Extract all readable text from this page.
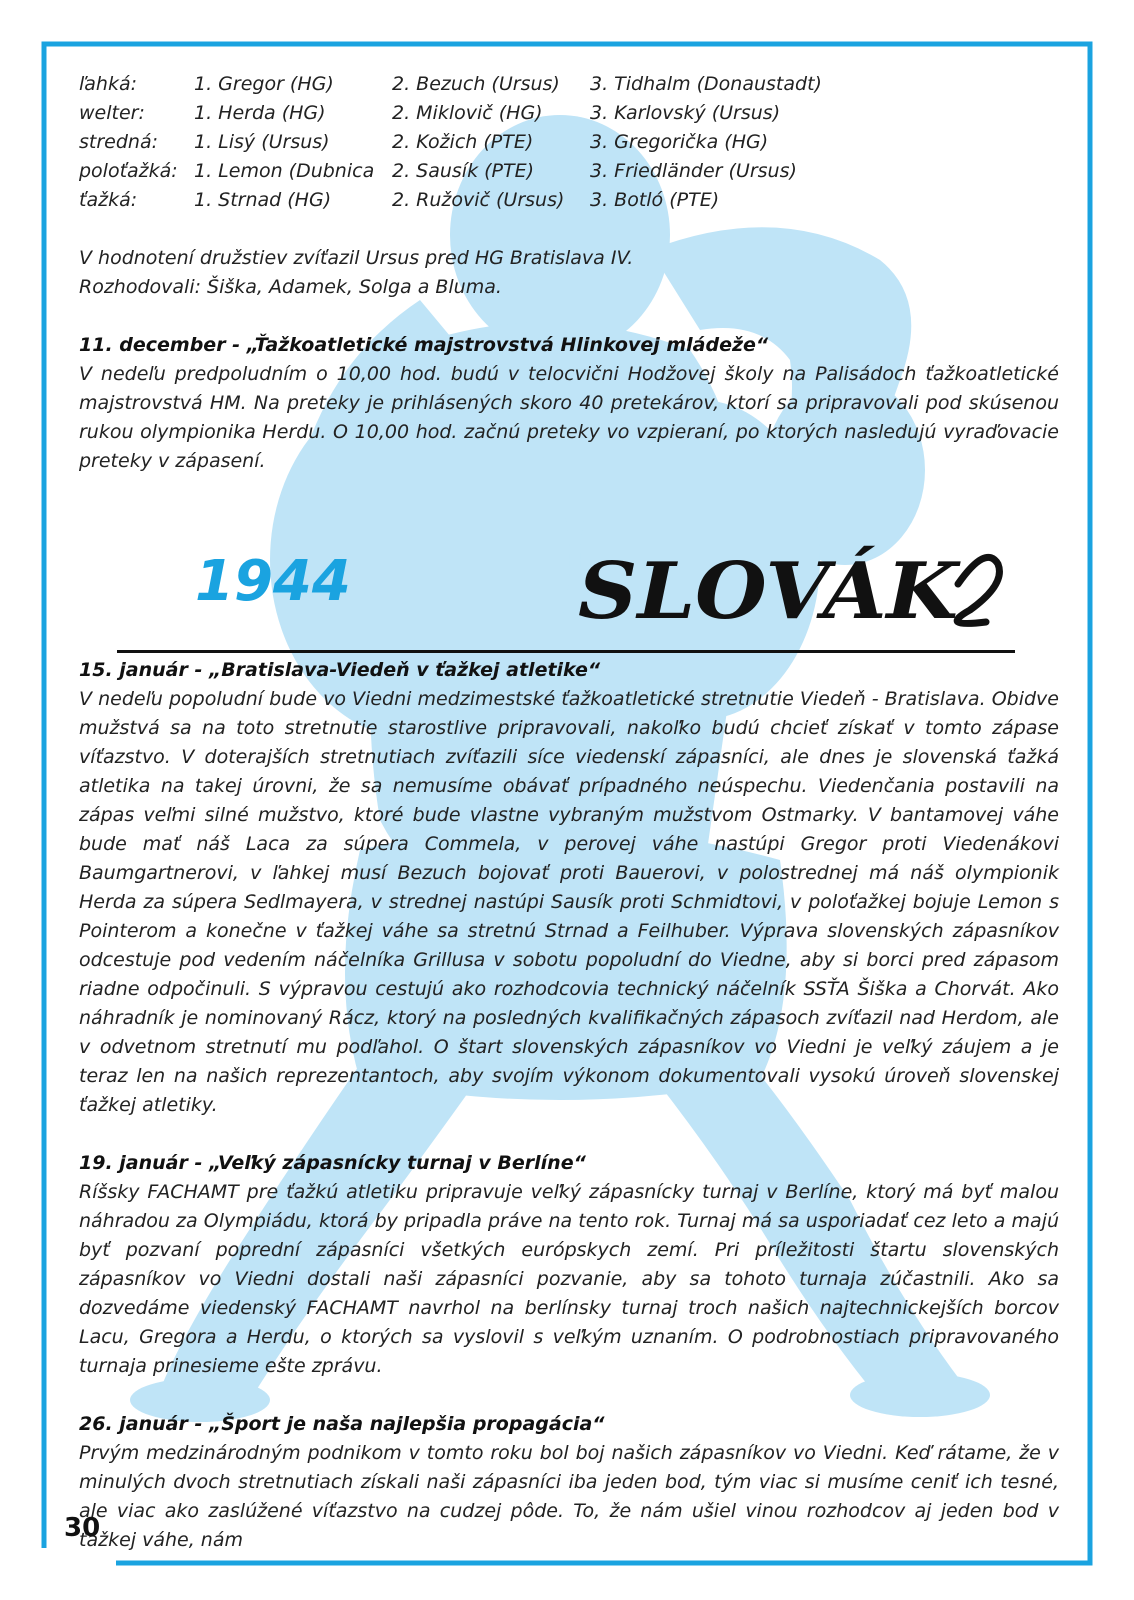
ľahká:	1. Gregor (HG)	2. Bezuch (Ursus)	3. Tidhalm (Donaustadt)
welter:	1. Herda (HG)	2. Miklovič (HG)	3. Karlovský (Ursus)
stredná:	1. Lisý (Ursus)	2. Kožich (PTE)	3. Gregorička (HG)
poloťažká:	1. Lemon (Dubnica	2. Sausík (PTE)	3. Friedländer (Ursus)
ťažká:	1. Strnad (HG)	2. Ružovič (Ursus)	3. Botló (PTE)

V hodnotení družstiev zvíťazil Ursus pred HG Bratislava IV.

Rozhodovali: Šiška, Adamek, Solga a Bluma.

11. december - „Ťažkoatletické majstrovstvá Hlinkovej mládeže“

V nedeľu predpoludním o 10,00 hod. budú v telocvični Hodžovej školy na Palisádoch ťažkoatletické majstrovstvá HM. Na preteky je prihlásených skoro 40 pretekárov, ktorí sa pripravovali pod skúsenou rukou olympionika Herdu. O 10,00 hod. začnú preteky vo vzpieraní, po ktorých nasledujú vyraďovacie preteky v zápasení.

1944	SLOVÁK

15. január - „Bratislava-Viedeň v ťažkej atletike“

V nedeľu popoludní bude vo Viedni medzimestské ťažkoatletické stretnutie Viedeň - Bratislava. Obidve mužstvá sa na toto stretnutie starostlive pripravovali, nakoľko budú chcieť získať v tomto zápase víťazstvo. V doterajších stretnutiach zvíťazili síce viedenskí zápasníci, ale dnes je slovenská ťažká atletika na takej úrovni, že sa nemusíme obávať prípadného neúspechu. Viedenčania postavili na zápas veľmi silné mužstvo, ktoré bude vlastne vybraným mužstvom Ostmarky. V bantamovej váhe bude mať náš Laca za súpera Commela, v perovej váhe nastúpi Gregor proti Viedenákovi Baumgartnerovi, v ľahkej musí Bezuch bojovať proti Bauerovi, v polostrednej má náš olympionik Herda za súpera Sedlmayera, v strednej nastúpi Sausík proti Schmidtovi, v poloťažkej bojuje Lemon s Pointerom a konečne v ťažkej váhe sa stretnú Strnad a Feilhuber. Výprava slovenských zápasníkov odcestuje pod vedením náčelníka Grillusa v sobotu popoludní do Viedne, aby si borci pred zápasom riadne odpočinuli. S výpravou cestujú ako rozhodcovia technický náčelník SSŤA Šiška a Chorvát. Ako náhradník je nominovaný Rácz, ktorý na posledných kvalifikačných zápasoch zvíťazil nad Herdom, ale v odvetnom stretnutí mu podľahol. O štart slovenských zápasníkov vo Viedni je veľký záujem a je teraz len na našich reprezentantoch, aby svojím výkonom dokumentovali vysokú úroveň slovenskej ťažkej atletiky.

19. január - „Veľký zápasnícky turnaj v Berlíne“

Ríšsky FACHAMT pre ťažkú atletiku pripravuje veľký zápasnícky turnaj v Berlíne, ktorý má byť malou náhradou za Olympiádu, ktorá by pripadla práve na tento rok. Turnaj má sa usporiadať cez leto a majú byť pozvaní poprední zápasníci všetkých európskych zemí. Pri príležitosti štartu slovenských zápasníkov vo Viedni dostali naši zápasníci pozvanie, aby sa tohoto turnaja zúčastnili. Ako sa dozvedáme viedenský FACHAMT navrhol na berlínsky turnaj troch našich najtechnickejších borcov Lacu, Gregora a Herdu, o ktorých sa vyslovil s veľkým uznaním. O podrobnostiach pripravovaného turnaja prinesieme ešte zprávu.

26. január - „Šport je naša najlepšia propagácia“

Prvým medzinárodným podnikom v tomto roku bol boj našich zápasníkov vo Viedni. Keď rátame, že v minulých dvoch stretnutiach získali naši zápasníci iba jeden bod, tým viac si musíme ceniť ich tesné, ale viac ako zaslúžené víťazstvo na cudzej pôde. To, že nám ušiel vinou rozhodcov aj jeden bod v ťažkej váhe, nám

30
